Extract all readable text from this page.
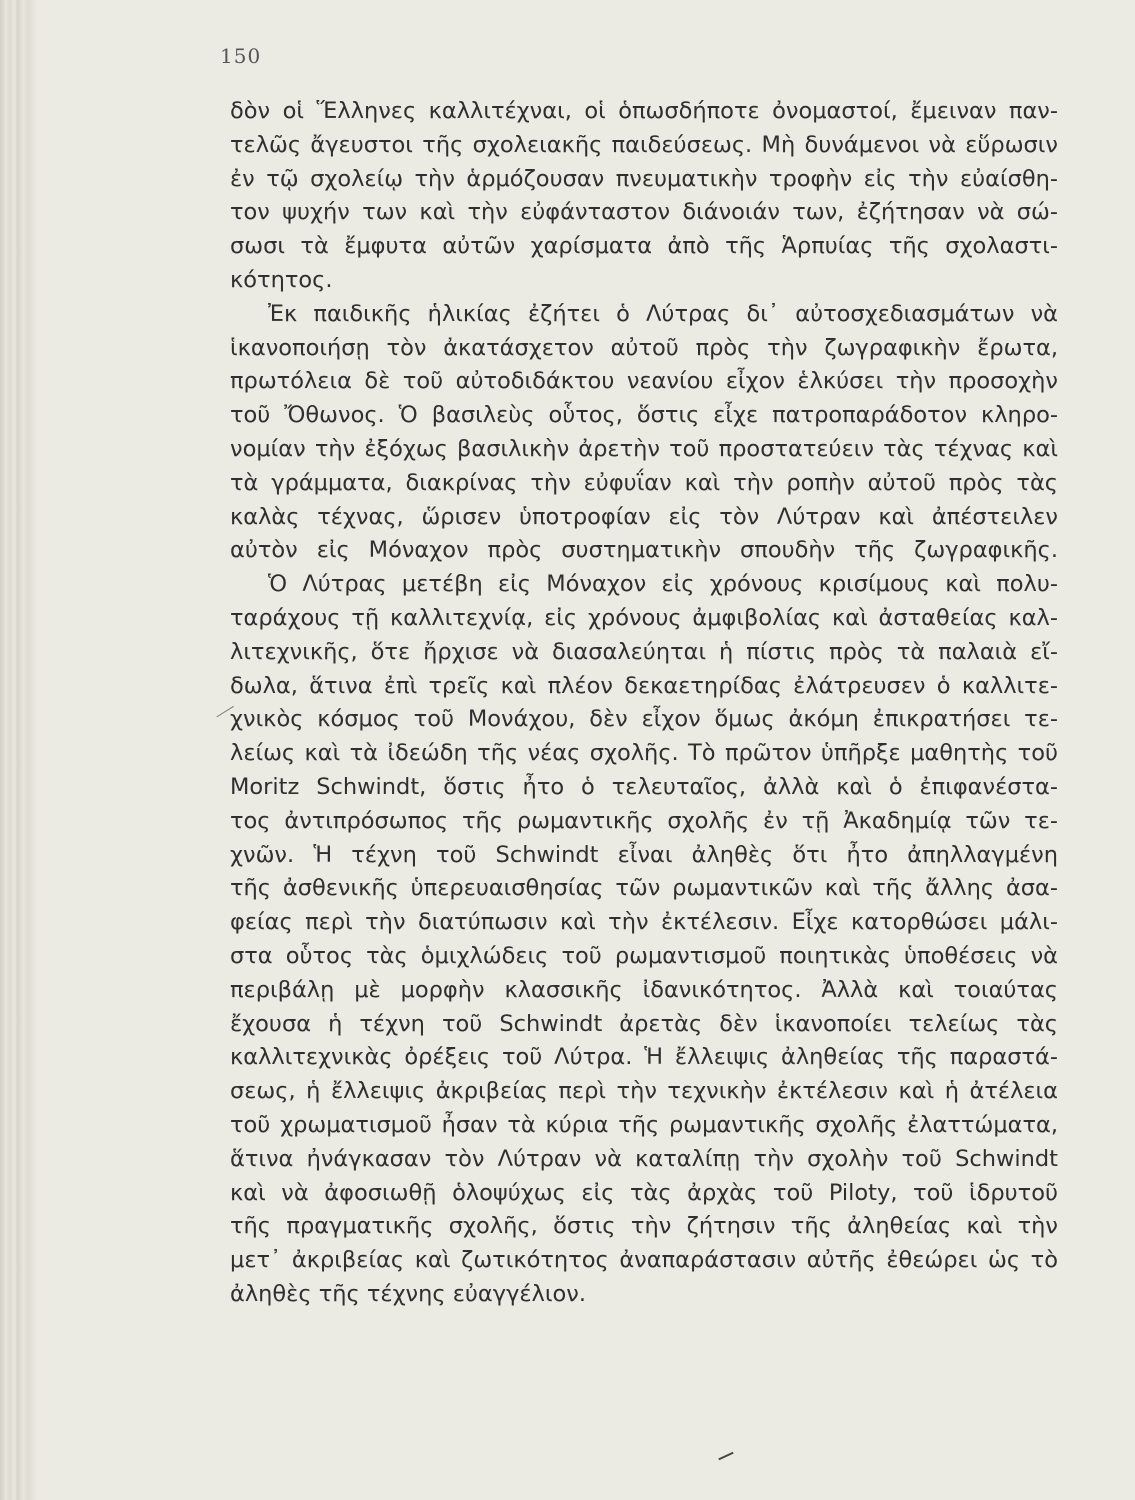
150
δὸν οἱ Ἕλληνες καλλιτέχναι, οἱ ὁπωσδήποτε ὀνομαστοί, ἔμειναν παν-
τελῶς ἄγευστοι τῆς σχολειακῆς παιδεύσεως. Μὴ δυνάμενοι νὰ εὕρωσιν
ἐν τῷ σχολείῳ τὴν ἁρμόζουσαν πνευματικὴν τροφὴν εἰς τὴν εὐαίσθη-
τον ψυχήν των καὶ τὴν εὐφάνταστον διάνοιάν των, ἐζήτησαν νὰ σώ-
σωσι τὰ ἔμφυτα αὐτῶν χαρίσματα ἀπὸ τῆς Ἁρπυίας τῆς σχολαστι-
κότητος.
Ἐκ παιδικῆς ἡλικίας ἐζήτει ὁ Λύτρας δι᾽ αὐτοσχεδιασμάτων νὰ
ἱκανοποιήσῃ τὸν ἀκατάσχετον αὐτοῦ πρὸς τὴν ζωγραφικὴν ἔρωτα,
πρωτόλεια δὲ τοῦ αὐτοδιδάκτου νεανίου εἶχον ἑλκύσει τὴν προσοχὴν
τοῦ Ὄθωνος. Ὁ βασιλεὺς οὗτος, ὅστις εἶχε πατροπαράδοτον κληρο-
νομίαν τὴν ἐξόχως βασιλικὴν ἀρετὴν τοῦ προστατεύειν τὰς τέχνας καὶ
τὰ γράμματα, διακρίνας τὴν εὐφυΐαν καὶ τὴν ροπὴν αὐτοῦ πρὸς τὰς
καλὰς τέχνας, ὥρισεν ὑποτροφίαν εἰς τὸν Λύτραν καὶ ἀπέστειλεν
αὐτὸν εἰς Μόναχον πρὸς συστηματικὴν σπουδὴν τῆς ζωγραφικῆς.
Ὁ Λύτρας μετέβη εἰς Μόναχον εἰς χρόνους κρισίμους καὶ πολυ-
ταράχους τῇ καλλιτεχνίᾳ, εἰς χρόνους ἀμφιβολίας καὶ ἀσταθείας καλ-
λιτεχνικῆς, ὅτε ἤρχισε νὰ διασαλεύηται ἡ πίστις πρὸς τὰ παλαιὰ εἴ-
δωλα, ἅτινα ἐπὶ τρεῖς καὶ πλέον δεκαετηρίδας ἐλάτρευσεν ὁ καλλιτε-
χνικὸς κόσμος τοῦ Μονάχου, δὲν εἶχον ὅμως ἀκόμη ἐπικρατήσει τε-
λείως καὶ τὰ ἰδεώδη τῆς νέας σχολῆς. Τὸ πρῶτον ὑπῆρξε μαθητὴς τοῦ
Moritz Schwindt, ὅστις ἦτο ὁ τελευταῖος, ἀλλὰ καὶ ὁ ἐπιφανέστα-
τος ἀντιπρόσωπος τῆς ρωμαντικῆς σχολῆς ἐν τῇ Ἀκαδημίᾳ τῶν τε-
χνῶν. Ἡ τέχνη τοῦ Schwindt εἶναι ἀληθὲς ὅτι ἦτο ἀπηλλαγμένη
τῆς ἀσθενικῆς ὑπερευαισθησίας τῶν ρωμαντικῶν καὶ τῆς ἄλλης ἀσα-
φείας περὶ τὴν διατύπωσιν καὶ τὴν ἐκτέλεσιν. Εἶχε κατορθώσει μάλι-
στα οὗτος τὰς ὁμιχλώδεις τοῦ ρωμαντισμοῦ ποιητικὰς ὑποθέσεις νὰ
περιβάλῃ μὲ μορφὴν κλασσικῆς ἰδανικότητος. Ἀλλὰ καὶ τοιαύτας
ἔχουσα ἡ τέχνη τοῦ Schwindt ἀρετὰς δὲν ἱκανοποίει τελείως τὰς
καλλιτεχνικὰς ὀρέξεις τοῦ Λύτρα. Ἡ ἔλλειψις ἀληθείας τῆς παραστά-
σεως, ἡ ἔλλειψις ἀκριβείας περὶ τὴν τεχνικὴν ἐκτέλεσιν καὶ ἡ ἀτέλεια
τοῦ χρωματισμοῦ ἦσαν τὰ κύρια τῆς ρωμαντικῆς σχολῆς ἐλαττώματα,
ἅτινα ἠνάγκασαν τὸν Λύτραν νὰ καταλίπῃ τὴν σχολὴν τοῦ Schwindt
καὶ νὰ ἀφοσιωθῇ ὁλοψύχως εἰς τὰς ἀρχὰς τοῦ Piloty, τοῦ ἱδρυτοῦ
τῆς πραγματικῆς σχολῆς, ὅστις τὴν ζήτησιν τῆς ἀληθείας καὶ τὴν
μετ᾽ ἀκριβείας καὶ ζωτικότητος ἀναπαράστασιν αὐτῆς ἐθεώρει ὡς τὸ
ἀληθὲς τῆς τέχνης εὐαγγέλιον.
